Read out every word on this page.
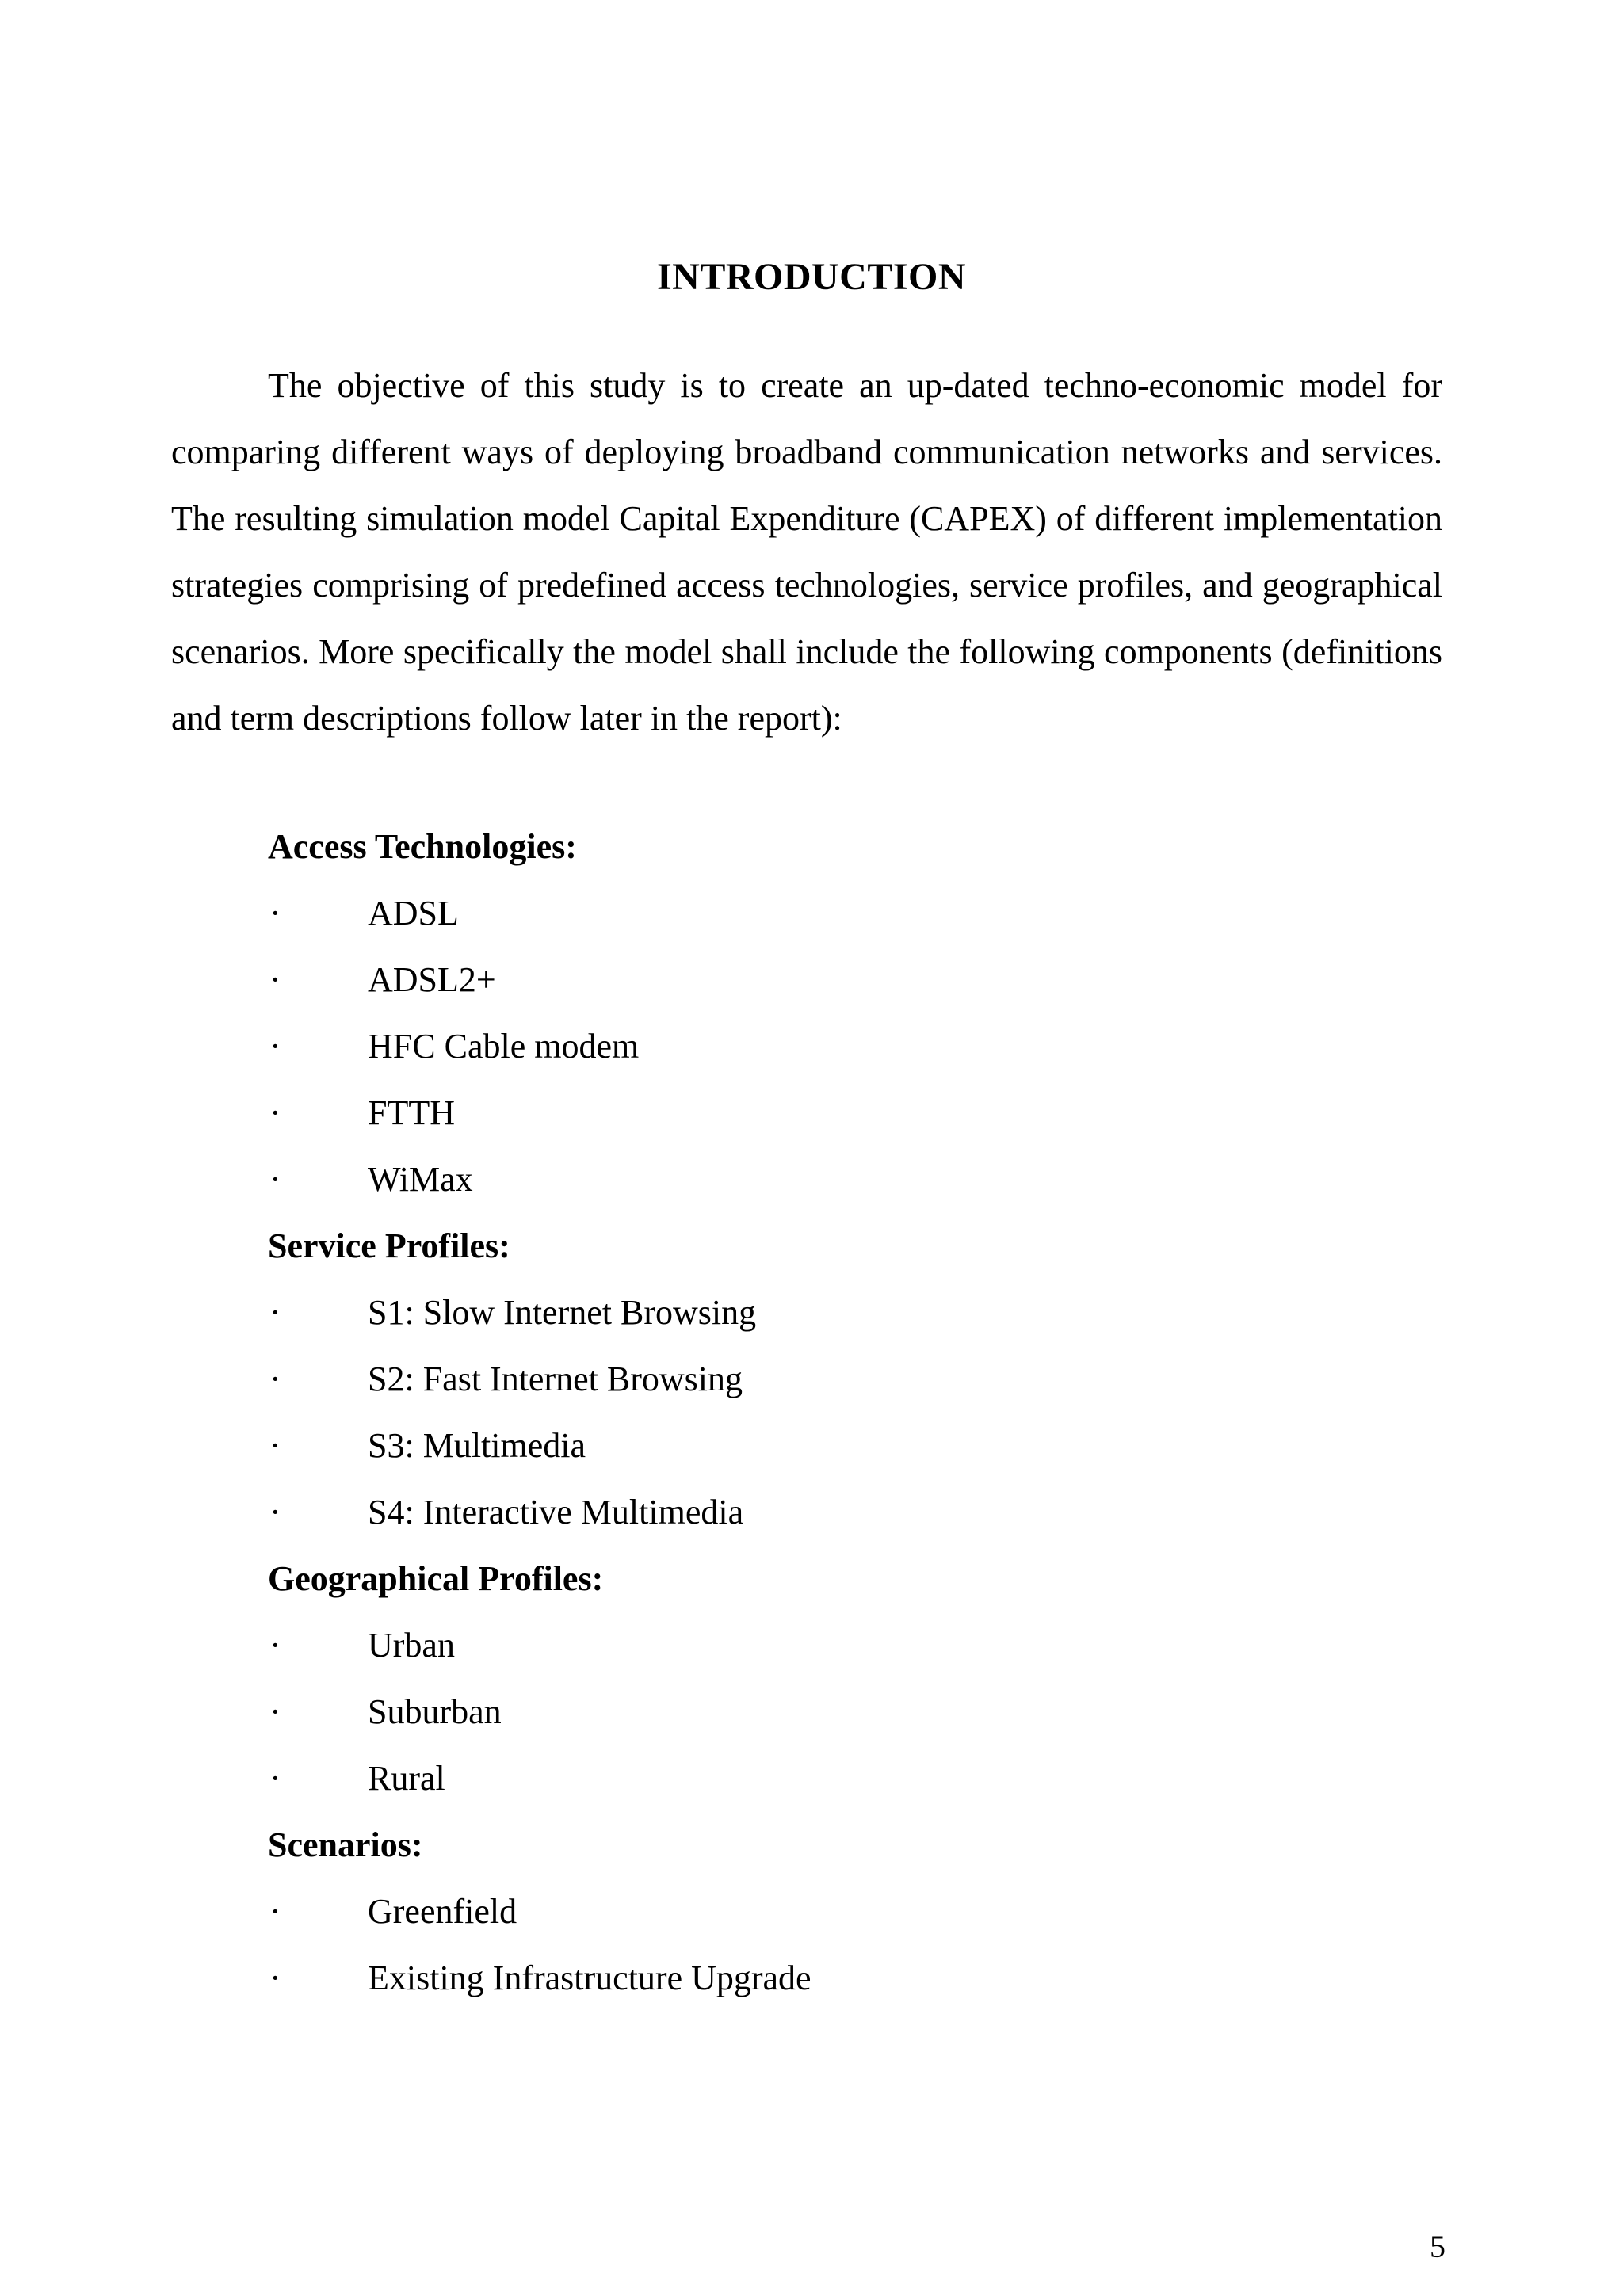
INTRODUCTION

The objective of this study is to create an up-dated techno-economic model for comparing different ways of deploying broadband communication networks and services. The resulting simulation model Capital Expenditure (CAPEX) of different implementation strategies comprising of predefined access technologies, service profiles, and geographical scenarios. More specifically the model shall include the following components (definitions and term descriptions follow later in the report):

Access Technologies:
· ADSL
· ADSL2+
· HFC Cable modem
· FTTH
· WiMax
Service Profiles:
· S1: Slow Internet Browsing
· S2: Fast Internet Browsing
· S3: Multimedia
· S4: Interactive Multimedia
Geographical Profiles:
· Urban
· Suburban
· Rural
Scenarios:
· Greenfield
· Existing Infrastructure Upgrade
5
